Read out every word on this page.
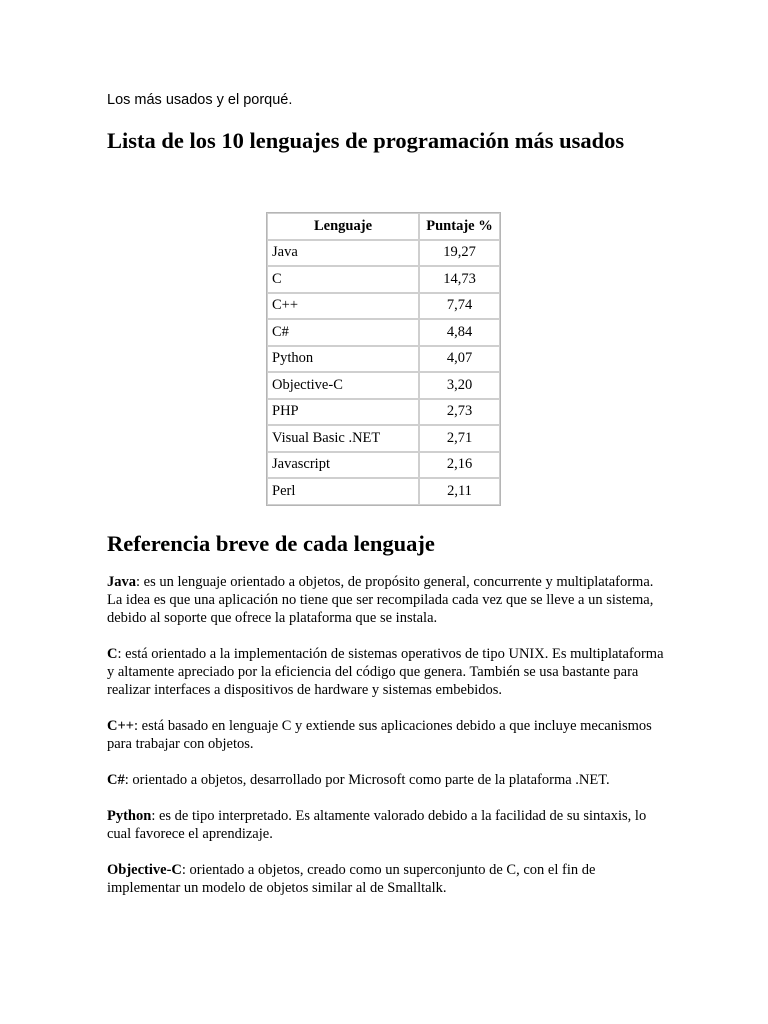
Los más usados y el porqué.
Lista de los 10 lenguajes de programación más usados
Lenguaje	Puntaje %
Java	19,27
C	14,73
C++	7,74
C#	4,84
Python	4,07
Objective-C	3,20
PHP	2,73
Visual Basic .NET	2,71
Javascript	2,16
Perl	2,11
Referencia breve de cada lenguaje

Java: es un lenguaje orientado a objetos, de propósito general, concurrente y multiplataforma. La idea es que una aplicación no tiene que ser recompilada cada vez que se lleve a un sistema, debido al soporte que ofrece la plataforma que se instala.

C: está orientado a la implementación de sistemas operativos de tipo UNIX. Es multiplataforma y altamente apreciado por la eficiencia del código que genera. También se usa bastante para realizar interfaces a dispositivos de hardware y sistemas embebidos.

C++: está basado en lenguaje C y extiende sus aplicaciones debido a que incluye mecanismos para trabajar con objetos.

C#: orientado a objetos, desarrollado por Microsoft como parte de la plataforma .NET.

Python: es de tipo interpretado. Es altamente valorado debido a la facilidad de su sintaxis, lo cual favorece el aprendizaje.

Objective-C: orientado a objetos, creado como un superconjunto de C, con el fin de implementar un modelo de objetos similar al de Smalltalk.
